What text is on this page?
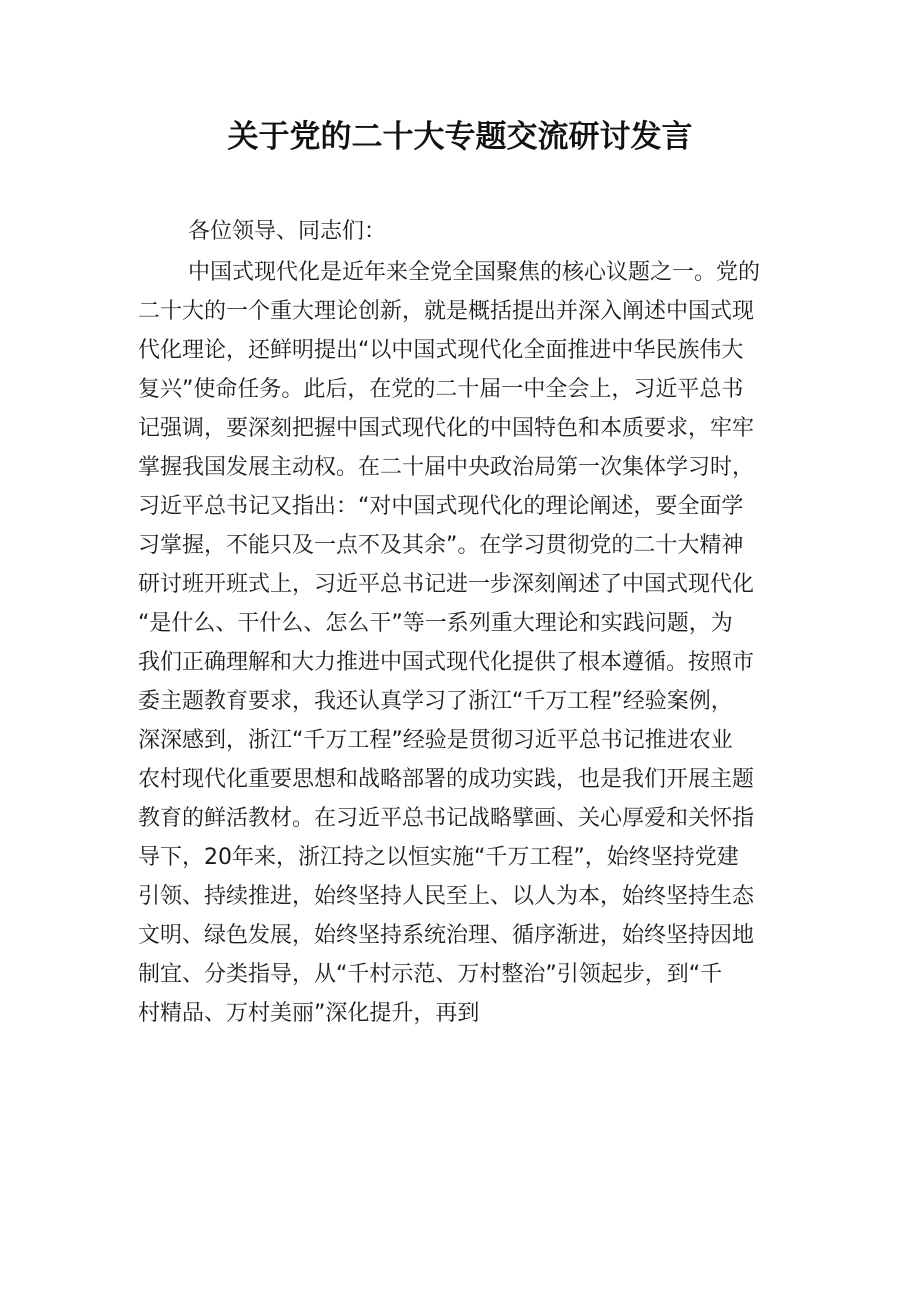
关于党的二十大专题交流研讨发言
各位领导、同志们：
中国式现代化是近年来全党全国聚焦的核心议题之一。党的
二十大的一个重大理论创新，就是概括提出并深入阐述中国式现
代化理论，还鲜明提出“以中国式现代化全面推进中华民族伟大
复兴”使命任务。此后，在党的二十届一中全会上，习近平总书
记强调，要深刻把握中国式现代化的中国特色和本质要求，牢牢
掌握我国发展主动权。在二十届中央政治局第一次集体学习时，
习近平总书记又指出：“对中国式现代化的理论阐述，要全面学
习掌握，不能只及一点不及其余”。在学习贯彻党的二十大精神
研讨班开班式上，习近平总书记进一步深刻阐述了中国式现代化
“是什么、干什么、怎么干”等一系列重大理论和实践问题，为
我们正确理解和大力推进中国式现代化提供了根本遵循。按照市
委主题教育要求，我还认真学习了浙江“千万工程”经验案例，
深深感到，浙江“千万工程”经验是贯彻习近平总书记推进农业
农村现代化重要思想和战略部署的成功实践，也是我们开展主题
教育的鲜活教材。在习近平总书记战略擘画、关心厚爱和关怀指
导下，20年来，浙江持之以恒实施“千万工程”，始终坚持党建
引领、持续推进，始终坚持人民至上、以人为本，始终坚持生态
文明、绿色发展，始终坚持系统治理、循序渐进，始终坚持因地
制宜、分类指导，从“千村示范、万村整治”引领起步，到“千
村精品、万村美丽”深化提升，再到
